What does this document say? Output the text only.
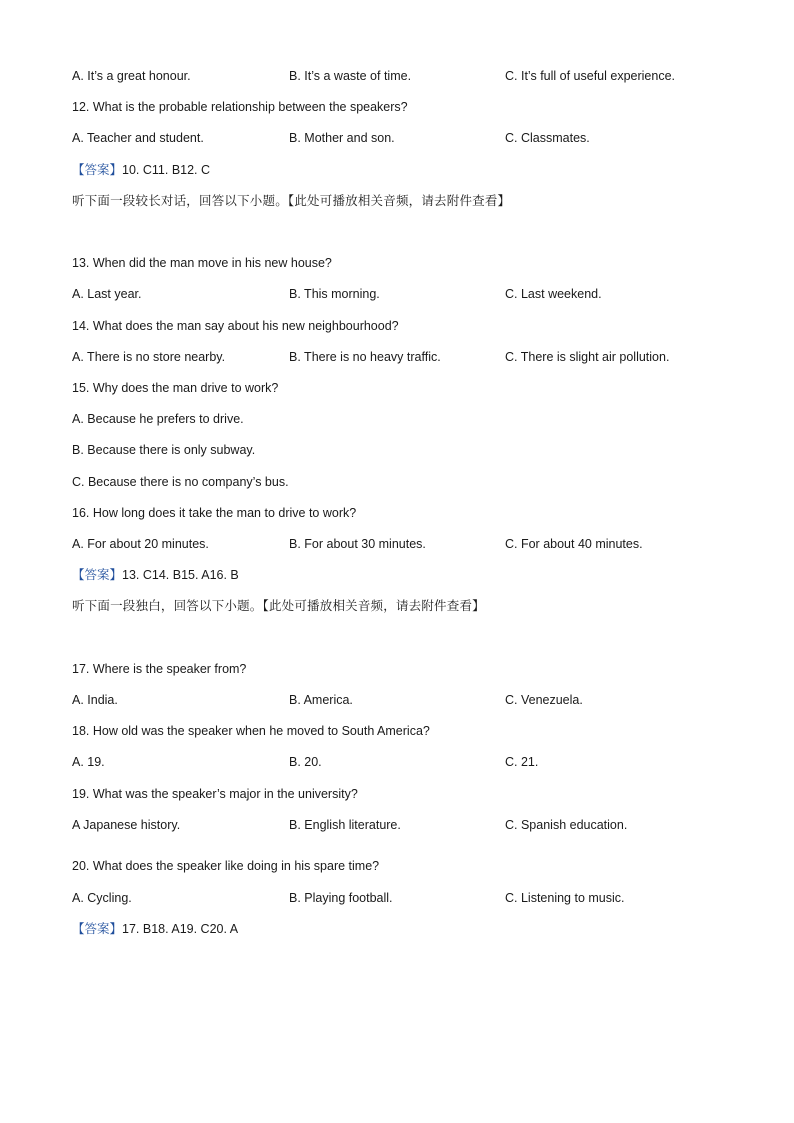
A. It’s a great honour.	B. It’s a waste of time.	C. It’s full of useful experience.
12. What is the probable relationship between the speakers?
A. Teacher and student.	B. Mother and son.	C. Classmates.
【答案】10. C11. B12. C
听下面一段较长对话，回答以下小题。【此处可播放相关音频，请去附件查看】
13. When did the man move in his new house?
A. Last year.	B. This morning.	C. Last weekend.
14. What does the man say about his new neighbourhood?
A. There is no store nearby.	B. There is no heavy traffic.	C. There is slight air pollution.
15. Why does the man drive to work?
A. Because he prefers to drive.
B. Because there is only subway.
C. Because there is no company’s bus.
16. How long does it take the man to drive to work?
A. For about 20 minutes.	B. For about 30 minutes.	C. For about 40 minutes.
【答案】13. C14. B15. A16. B
听下面一段独白，回答以下小题。【此处可播放相关音频，请去附件查看】
17. Where is the speaker from?
A. India.	B. America.	C. Venezuela.
18. How old was the speaker when he moved to South America?
A. 19.	B. 20.	C. 21.
19. What was the speaker’s major in the university?
A Japanese history.	B. English literature.	C. Spanish education.
20. What does the speaker like doing in his spare time?
A. Cycling.	B. Playing football.	C. Listening to music.
【答案】17. B18. A19. C20. A
